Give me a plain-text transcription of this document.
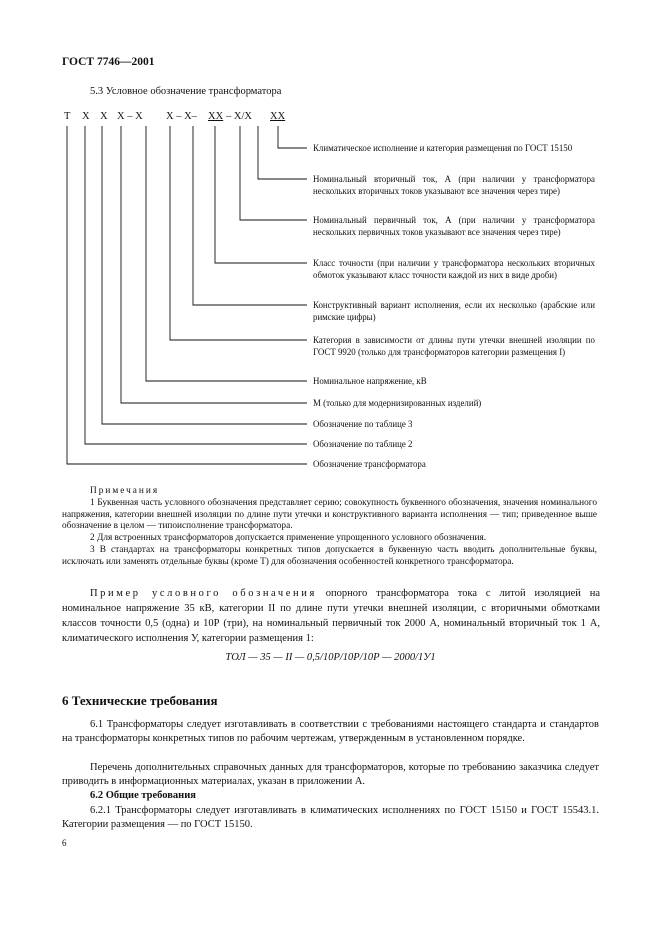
ГОСТ 7746—2001
5.3 Условное обозначение трансформатора
Т Х Х Х – Х Х – Х– ХХ – Х/Х ХХ
Климатическое исполнение и категория размещения по ГОСТ 15150
Номинальный вторичный ток, А (при наличии у трансформатора нескольких вторичных токов указывают все значения через тире)
Номинальный первичный ток, А (при наличии у трансформатора нескольких первичных токов указывают все значения через тире)
Класс точности (при наличии у трансформатора нескольких вторичных обмоток указывают класс точности каждой из них в виде дроби)
Конструктивный вариант исполнения, если их несколько (арабские или римские цифры)
Категория в зависимости от длины пути утечки внешней изоляции по ГОСТ 9920 (только для трансформаторов категории размещения I)
Номинальное напряжение, кВ
М (только для модернизированных изделий)
Обозначение по таблице 3
Обозначение по таблице 2
Обозначение трансформатора
Примечания
1 Буквенная часть условного обозначения представляет серию; совокупность буквенного обозначения, значения номинального напряжения, категории внешней изоляции по длине пути утечки и конструктивного варианта исполнения — тип; приведенное выше обозначение в целом — типоисполнение трансформатора.
2 Для встроенных трансформаторов допускается применение упрощенного условного обозначения.
3 В стандартах на трансформаторы конкретных типов допускается в буквенную часть вводить дополнительные буквы, исключать или заменять отдельные буквы (кроме Т) для обозначения особенностей конкретного трансформатора.
Пример условного обозначения опорного трансформатора тока с литой изоляцией на номинальное напряжение 35 кВ, категории II по длине пути утечки внешней изоляции, с вторичными обмотками классов точности 0,5 (одна) и 10Р (три), на номинальный первичный ток 2000 А, номинальный вторичный ток 1 А, климатического исполнения У, категории размещения 1:
ТОЛ — 35 — II — 0,5/10Р/10Р/10Р — 2000/1У1
6 Технические требования
6.1 Трансформаторы следует изготавливать в соответствии с требованиями настоящего стандарта и стандартов на трансформаторы конкретных типов по рабочим чертежам, утвержденным в установленном порядке.
Перечень дополнительных справочных данных для трансформаторов, которые по требованию заказчика следует приводить в информационных материалах, указан в приложении А.
6.2 Общие требования
6.2.1 Трансформаторы следует изготавливать в климатических исполнениях по ГОСТ 15150 и ГОСТ 15543.1. Категории размещения — по ГОСТ 15150.
6
